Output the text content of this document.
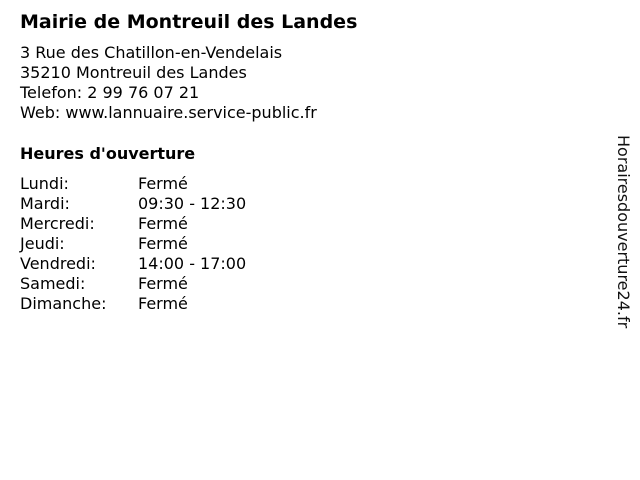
Mairie de Montreuil des Landes
3 Rue des Chatillon-en-Vendelais
35210 Montreuil des Landes
Telefon: 2 99 76 07 21
Web: www.lannuaire.service-public.fr
Heures d'ouverture
Lundi:	Fermé
Mardi:	09:30 - 12:30
Mercredi:	Fermé
Jeudi:	Fermé
Vendredi:	14:00 - 17:00
Samedi:	Fermé
Dimanche:	Fermé	Horairesdouverture24.fr
